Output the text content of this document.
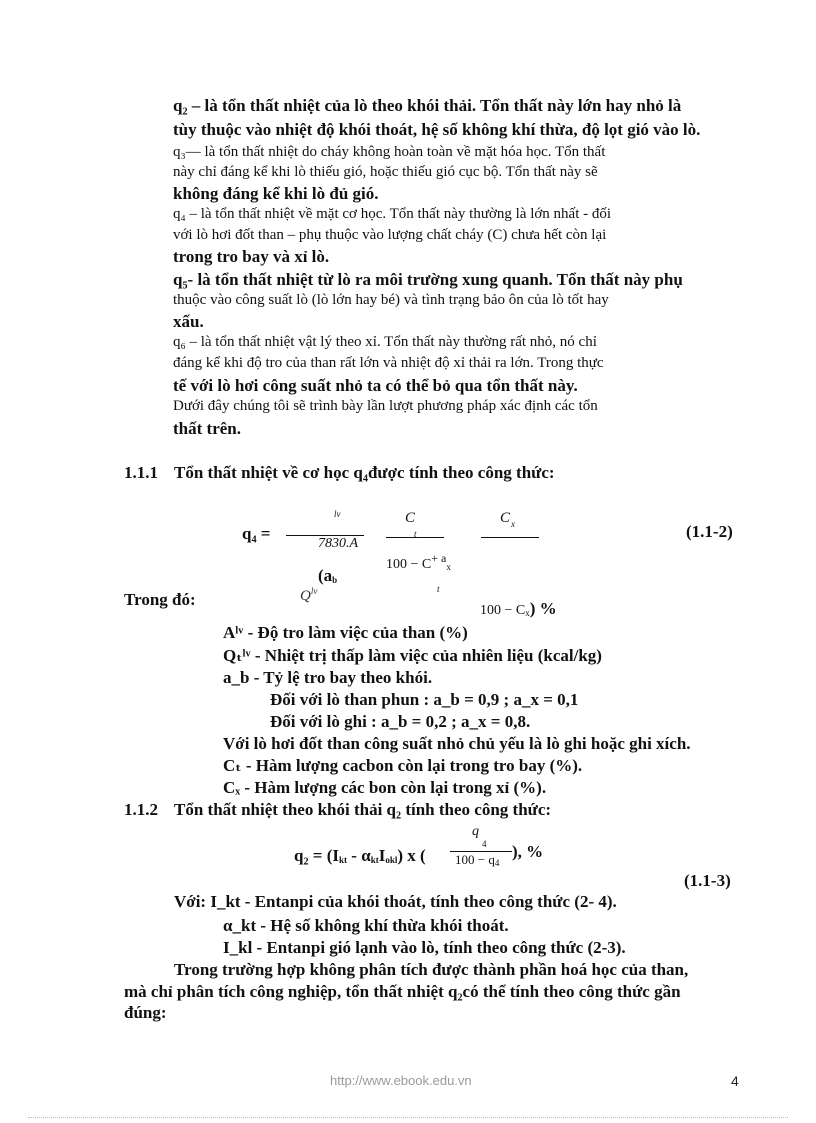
q₂ – là tổn thất nhiệt của lò theo khói thải. Tổn thất này lớn hay nhỏ là
tùy thuộc vào nhiệt độ khói thoát, hệ số không khí thừa, độ lọt gió vào lò.
q₃— là tổn thất nhiệt do cháy không hoàn toàn về mặt hóa học. Tổn thất
này chỉ đáng kể khi lò thiếu gió, hoặc thiếu gió cục bộ. Tổn thất này sẽ
không đáng kể khi lò đủ gió.
q₄ – là tổn thất nhiệt về mặt cơ học. Tổn thất này thường là lớn nhất - đối
với lò hơi đốt than – phụ thuộc vào lượng chất cháy (C) chưa hết còn lại
trong tro bay và xỉ lò.
q₅- là tổn thất nhiệt từ lò ra môi trường xung quanh. Tổn thất này phụ
thuộc vào công suất lò (lò lớn hay bé) và tình trạng bảo ôn của lò tốt hay
xấu.
q₆ – là tổn thất nhiệt vật lý theo xỉ. Tổn thất này thường rất nhỏ, nó chỉ
đáng kể khi độ tro của than rất lớn và nhiệt độ xỉ thải ra lớn. Trong thực
tế với lò hơi công suất nhỏ ta có thể bỏ qua tổn thất này.
Dưới đây chúng tôi sẽ trình bày lần lượt phương pháp xác định các tổn
thất trên.
1.1.1 Tổn thất nhiệt về cơ học q₄được tính theo công thức:
q₄ =
lv
7830.A
C
t
C x	(1.1-2)
($a_b$
$100 - C+ a_x$
$Q^{lv}$	t
$100 - C_x$) %
Trong đó:
Aˡᵛ - Độ tro làm việc của than (%)
Qₜˡᵛ - Nhiệt trị thấp làm việc của nhiên liệu (kcal/kg)
a_b - Tỷ lệ tro bay theo khói.
Đối với lò than phun : a_b = 0,9 ; a_x = 0,1
Đối với lò ghi : a_b = 0,2 ; a_x = 0,8.
Với lò hơi đốt than công suất nhỏ chủ yếu là lò ghi hoặc ghi xích.
Cₜ - Hàm lượng cacbon còn lại trong tro bay (%).
Cₓ - Hàm lượng các bon còn lại trong xỉ (%).
1.1.2 Tổn thất nhiệt theo khói thải q₂ tính theo công thức:
$q_2 = (I_{kt} - \alpha_{kt}I_{okl})$ x (
q
4
$100 - q_4$
), %
(1.1-3)
Với: I_kt - Entanpi của khói thoát, tính theo công thức (2- 4).
α_kt - Hệ số không khí thừa khói thoát.
I_kl - Entanpi gió lạnh vào lò, tính theo công thức (2-3).
Trong trường hợp không phân tích được thành phần hoá học của than,
mà chỉ phân tích công nghiệp, tổn thất nhiệt q₂có thể tính theo công thức gần
đúng:
http://www.ebook.edu.vn	4
